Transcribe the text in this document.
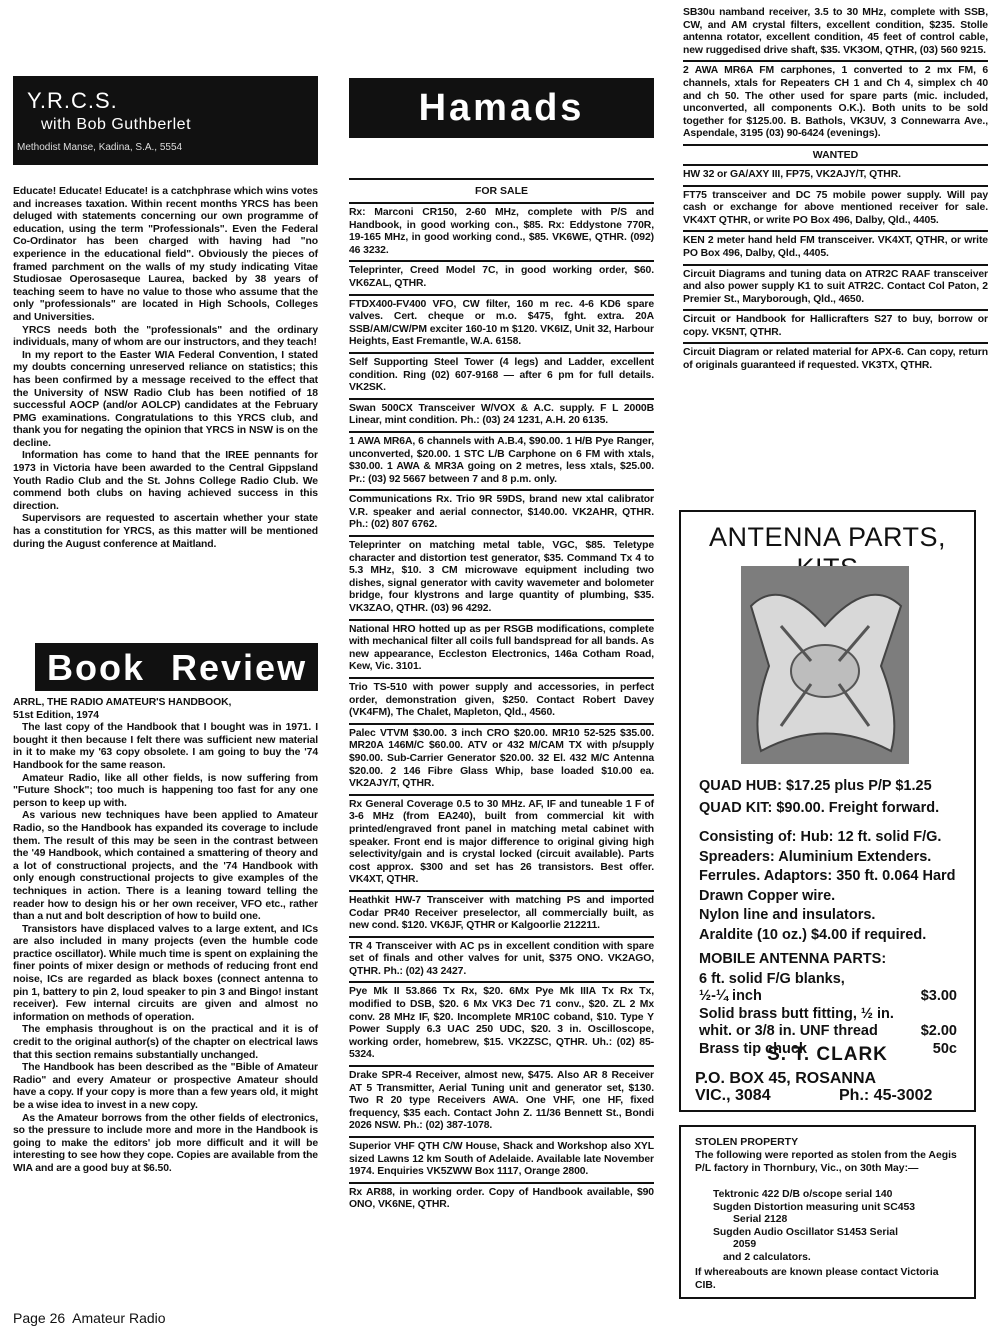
Y.R.C.S.
with Bob Guthberlet
Methodist Manse, Kadina, S.A., 5554

Educate! Educate! Educate! is a catchphrase which wins votes and increases taxation. Within recent months YRCS has been deluged with statements concerning our own programme of education, using the term "Professionals". Even the Federal Co-Ordinator has been charged with having had "no experience in the educational field". Obviously the pieces of framed parchment on the walls of my study indicating Vitae Studiosae Operosaseque Laurea, backed by 38 years of teaching seem to have no value to those who assume that the only "professionals" are located in High Schools, Colleges and Universities.

YRCS needs both the "professionals" and the ordinary individuals, many of whom are our instructors, and they teach!

In my report to the Easter WIA Federal Convention, I stated my doubts concerning unreserved reliance on statistics; this has been confirmed by a message received to the effect that the University of NSW Radio Club has been notified of 18 successful AOCP (and/or AOLCP) candidates at the February PMG examinations. Congratulations to this YRCS club, and thank you for negating the opinion that YRCS in NSW is on the decline.

Information has come to hand that the IREE pennants for 1973 in Victoria have been awarded to the Central Gippsland Youth Radio Club and the St. Johns College Radio Club. We commend both clubs on having achieved success in this direction.

Supervisors are requested to ascertain whether your state has a constitution for YRCS, as this matter will be mentioned during the August conference at Maitland.

Book Review

ARRL, THE RADIO AMATEUR'S HANDBOOK,

51st Edition, 1974

The last copy of the Handbook that I bought was in 1971. I bought it then because I felt there was sufficient new material in it to make my '63 copy obsolete. I am going to buy the '74 Handbook for the same reason.

Amateur Radio, like all other fields, is now suffering from "Future Shock"; too much is happening too fast for any one person to keep up with.

As various new techniques have been applied to Amateur Radio, so the Handbook has expanded its coverage to include them. The result of this may be seen in the contrast between the '49 Handbook, which contained a smattering of theory and a lot of constructional projects, and the '74 Handbook with only enough constructional projects to give examples of the techniques in action. There is a leaning toward telling the reader how to design his or her own receiver, VFO etc., rather than a nut and bolt description of how to build one.

Transistors have displaced valves to a large extent, and ICs are also included in many projects (even the humble code practice oscillator). While much time is spent on explaining the finer points of mixer design or methods of reducing front end noise, ICs are regarded as black boxes (connect antenna to pin 1, battery to pin 2, loud speaker to pin 3 and Bingo! instant receiver). Few internal circuits are given and almost no information on methods of operation.

The emphasis throughout is on the practical and it is of credit to the original author(s) of the chapter on electrical laws that this section remains substantially unchanged.

The Handbook has been described as the "Bible of Amateur Radio" and every Amateur or prospective Amateur should have a copy. If your copy is more than a few years old, it might be a wise idea to invest in a new copy.

As the Amateur borrows from the other fields of electronics, so the pressure to include more and more in the Handbook is going to make the editors' job more difficult and it will be interesting to see how they cope. Copies are available from the WIA and are a good buy at $6.50.

Page 26  Amateur Radio
Hamads
FOR SALE

Rx: Marconi CR150, 2-60 MHz, complete with P/S and Handbook, in good working con., $85. Rx: Eddystone 770R, 19-165 MHz, in good working cond., $85. VK6WE, QTHR. (092) 46 3232.

Teleprinter, Creed Model 7C, in good working order, $60. VK6ZAL, QTHR.

FTDX400-FV400 VFO, CW filter, 160 m rec. 4-6 KD6 spare valves. Cert. cheque or m.o. $475, fght. extra. 20A SSB/AM/CW/PM exciter 160-10 m $120. VK6IZ, Unit 32, Harbour Heights, East Fremantle, W.A. 6158.

Self Supporting Steel Tower (4 legs) and Ladder, excellent condition. Ring (02) 607-9168 — after 6 pm for full details. VK2SK.

Swan 500CX Transceiver W/VOX & A.C. supply. F L 2000B Linear, mint condition. Ph.: (03) 24 1231, A.H. 20 6135.

1 AWA MR6A, 6 channels with A.B.4, $90.00. 1 H/B Pye Ranger, unconverted, $20.00. 1 STC L/B Carphone on 6 FM with xtals, $30.00. 1 AWA & MR3A going on 2 metres, less xtals, $25.00. Pr.: (03) 92 5667 between 7 and 8 p.m. only.

Communications Rx. Trio 9R 59DS, brand new xtal calibrator V.R. speaker and aerial connector, $140.00. VK2AHR, QTHR. Ph.: (02) 807 6762.

Teleprinter on matching metal table, VGC, $85. Teletype character and distortion test generator, $35. Command Tx 4 to 5.3 MHz, $10. 3 CM microwave equipment including two dishes, signal generator with cavity wavemeter and bolometer bridge, four klystrons and large quantity of plumbing, $35. VK3ZAO, QTHR. (03) 96 4292.

National HRO hotted up as per RSGB modifications, complete with mechanical filter all coils full bandspread for all bands. As new appearance, Eccleston Electronics, 146a Cotham Road, Kew, Vic. 3101.

Trio TS-510 with power supply and accessories, in perfect order, demonstration given, $250. Contact Robert Davey (VK4FM), The Chalet, Mapleton, Qld., 4560.

Palec VTVM $30.00. 3 inch CRO $20.00. MR10 52-525 $35.00. MR20A 146M/C $60.00. ATV or 432 M/CAM TX with p/supply $90.00. Sub-Carrier Generator $20.00. 32 El. 432 M/C Antenna $20.00. 2 146 Fibre Glass Whip, base loaded $10.00 ea. VK2AJY/T, QTHR.

Rx General Coverage 0.5 to 30 MHz. AF, IF and tuneable 1 F of 3-6 MHz (from EA240), built from commercial kit with printed/engraved front panel in matching metal cabinet with speaker. Front end is major difference to original giving high selectivity/gain and is crystal locked (circuit available). Parts cost approx. $300 and set has 26 transistors. Best offer. VK4XT, QTHR.

Heathkit HW-7 Transceiver with matching PS and imported Codar PR40 Receiver preselector, all commercially built, as new cond. $120. VK6JF, QTHR or Kalgoorlie 212211.

TR 4 Transceiver with AC ps in excellent condition with spare set of finals and other valves for unit, $375 ONO. VK2AGO, QTHR. Ph.: (02) 43 2427.

Pye Mk II 53.866 Tx Rx, $20. 6Mx Pye Mk IIIA Tx Rx Tx, modified to DSB, $20. 6 Mx VK3 Dec 71 conv., $20. ZL 2 Mx conv. 28 MHz IF, $20. Incomplete MR10C coband, $10. Type Y Power Supply 6.3 UAC 250 UDC, $20. 3 in. Oscilloscope, working order, homebrew, $15. VK2ZSC, QTHR. Uh.: (02) 85-5324.

Drake SPR-4 Receiver, almost new, $475. Also AR 8 Receiver AT 5 Transmitter, Aerial Tuning unit and generator set, $130. Two R 20 type Receivers AWA. One VHF, one HF, fixed frequency, $35 each. Contact John Z. 11/36 Bennett St., Bondi 2026 NSW. Ph.: (02) 387-1078.

Superior VHF QTH C/W House, Shack and Workshop also XYL sized Lawns 12 km South of Adelaide. Available late November 1974. Enquiries VK5ZWW Box 1117, Orange 2800.

Rx AR88, in working order. Copy of Handbook available, $90 ONO, VK6NE, QTHR.

SB30u namband receiver, 3.5 to 30 MHz, complete with SSB, CW, and AM crystal filters, excellent condition, $235. Stolle antenna rotator, excellent condition, 45 feet of control cable, new ruggedised drive shaft, $35. VK3OM, QTHR, (03) 560 9215.

2 AWA MR6A FM carphones, 1 converted to 2 mx FM, 6 channels, xtals for Repeaters CH 1 and Ch 4, simplex ch 40 and ch 50. The other used for spare parts (mic. included, unconverted, all components O.K.). Both units to be sold together for $125.00. B. Bathols, VK3UV, 3 Connewarra Ave., Aspendale, 3195 (03) 90-6424 (evenings).

WANTED

HW 32 or GA/AXY III, FP75, VK2AJY/T, QTHR.

FT75 transceiver and DC 75 mobile power supply. Will pay cash or exchange for above mentioned receiver for sale. VK4XT QTHR, or write PO Box 496, Dalby, Qld., 4405.

KEN 2 meter hand held FM transceiver. VK4XT, QTHR, or write PO Box 496, Dalby, Qld., 4405.

Circuit Diagrams and tuning data on ATR2C RAAF transceiver and also power supply K1 to suit ATR2C. Contact Col Paton, 2 Premier St., Maryborough, Qld., 4650.

Circuit or Handbook for Hallicrafters S27 to buy, borrow or copy. VK5NT, QTHR.

Circuit Diagram or related material for APX-6. Can copy, return of originals guaranteed if requested. VK3TX, QTHR.

ANTENNA PARTS,
QUAD HUB: $17.25 plus P/P $1.25
QUAD KIT: $90.00. Freight forward.
Consisting of: Hub: 12 ft. solid F/G.
Spreaders: Aluminium Extenders.
Ferrules. Adaptors: 350 ft. 0.064 Hard
Drawn Copper wire.
Nylon line and insulators.
Araldite (10 oz.) $4.00 if required.
MOBILE ANTENNA PARTS:
6 ft. solid F/G blanks,
½-¼ inch	$3.00
Solid brass butt fitting, ½ in.
whit. or 3/8 in. UNF thread	$2.00
Brass tip chuck	50c
S. T. CLARK
P.O. BOX 45, ROSANNA
VIC., 3084	Ph.: 45-3002
STOLEN PROPERTY
The following were reported as stolen from the Aegis P/L factory in Thornbury, Vic., on 30th May:—
Tektronic 422 D/B o/scope serial 140
Sugden Distortion measuring unit SC453
Serial 2128
Sugden Audio Oscillator S1453 Serial
2059
and 2 calculators.
If whereabouts are known please contact Victoria CIB.
